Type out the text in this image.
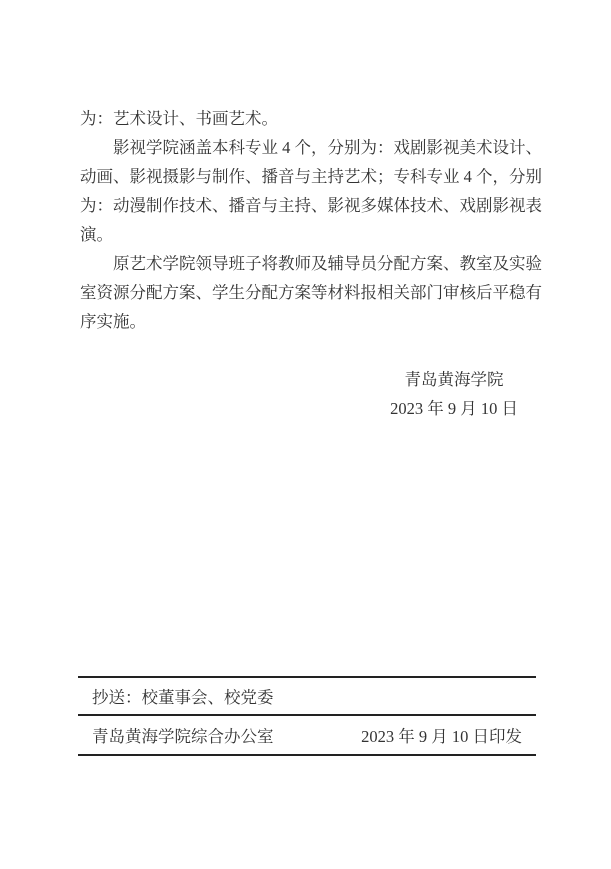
为：艺术设计、书画艺术。

影视学院涵盖本科专业 4 个，分别为：戏剧影视美术设计、
动画、影视摄影与制作、播音与主持艺术；专科专业 4 个，分别
为：动漫制作技术、播音与主持、影视多媒体技术、戏剧影视表
演。

原艺术学院领导班子将教师及辅导员分配方案、教室及实验
室资源分配方案、学生分配方案等材料报相关部门审核后平稳有
序实施。

青岛黄海学院
2023 年 9 月 10 日
抄送：校董事会、校党委
青岛黄海学院综合办公室	2023 年 9 月 10 日印发
